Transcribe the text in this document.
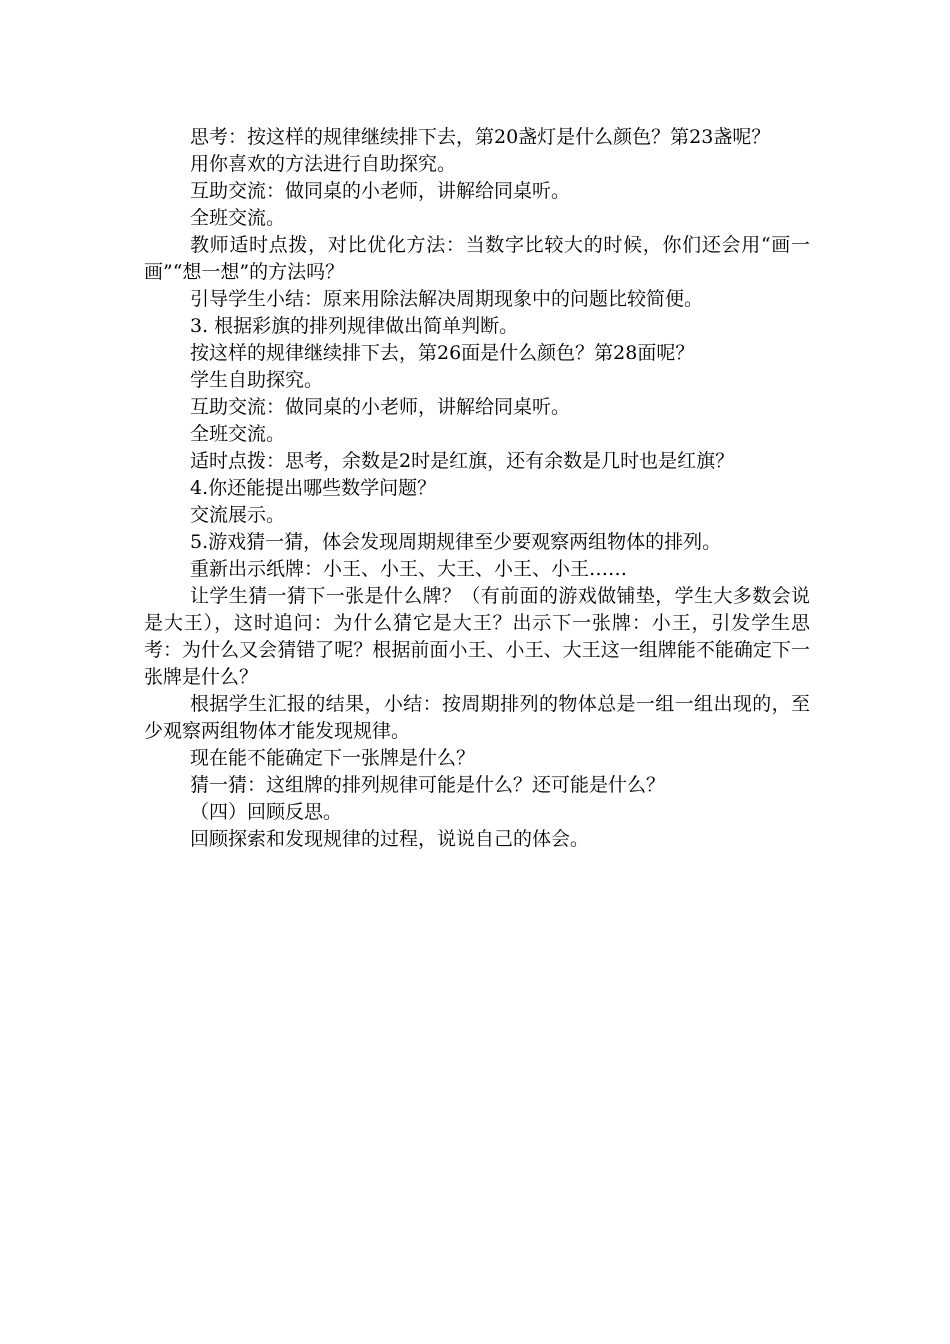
思考：按这样的规律继续排下去，第20盏灯是什么颜色？第23盏呢？

用你喜欢的方法进行自助探究。

互助交流：做同桌的小老师，讲解给同桌听。

全班交流。

教师适时点拨，对比优化方法：当数字比较大的时候，你们还会用“画一画”“想一想”的方法吗？

引导学生小结：原来用除法解决周期现象中的问题比较简便。

3. 根据彩旗的排列规律做出简单判断。

按这样的规律继续排下去，第26面是什么颜色？第28面呢？

学生自助探究。

互助交流：做同桌的小老师，讲解给同桌听。

全班交流。

适时点拨：思考，余数是2时是红旗，还有余数是几时也是红旗？

4.你还能提出哪些数学问题？

交流展示。

5.游戏猜一猜，体会发现周期规律至少要观察两组物体的排列。

重新出示纸牌：小王、小王、大王、小王、小王……

让学生猜一猜下一张是什么牌？（有前面的游戏做铺垫，学生大多数会说是大王），这时追问：为什么猜它是大王？出示下一张牌：小王，引发学生思考：为什么又会猜错了呢？根据前面小王、小王、大王这一组牌能不能确定下一张牌是什么？

根据学生汇报的结果，小结：按周期排列的物体总是一组一组出现的，至少观察两组物体才能发现规律。

现在能不能确定下一张牌是什么？

猜一猜：这组牌的排列规律可能是什么？还可能是什么？

（四）回顾反思。

回顾探索和发现规律的过程，说说自己的体会。
